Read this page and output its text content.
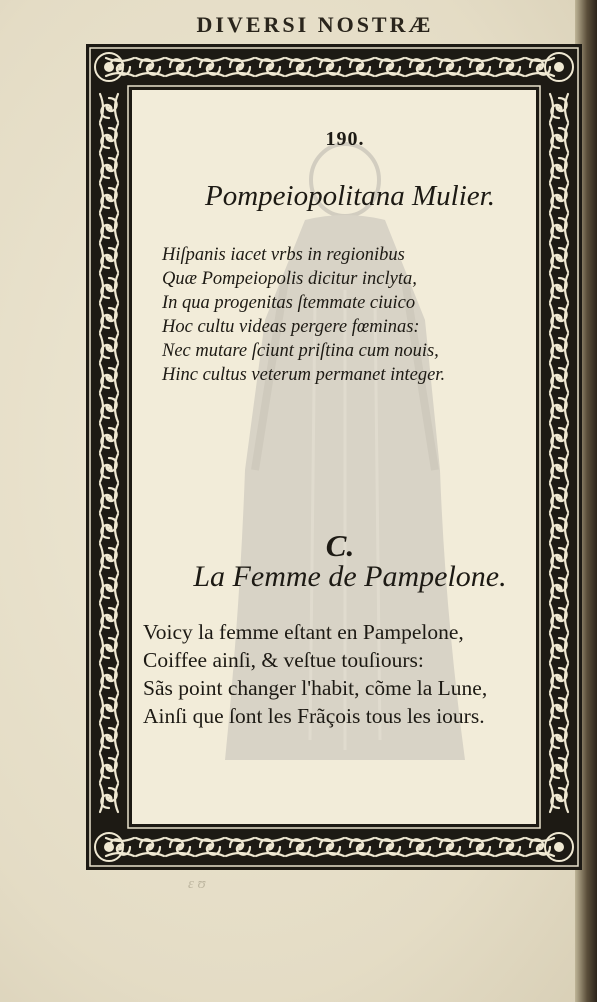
DIVERSI NOSTRÆ
190.
Pompeiopolitana Mulier.
Hiſpanis iacet vrbs in regionibus
Quæ Pompeiopolis dicitur inclyta,
In qua progenitas ſtemmate ciuico
Hoc cultu videas pergere fœminas:
Nec mutare ſciunt priſtina cum nouis,
Hinc cultus veterum permanet integer.
C.
La Femme de Pampelone.
Voicy la femme eſtant en Pampelone,
Coiffee ainſi, & veſtue touſiours:
Sãs point changer l'habit, cõme la Lune,
Ainſi que ſont les Frãçois tous les iours.
ɛ ʊ
